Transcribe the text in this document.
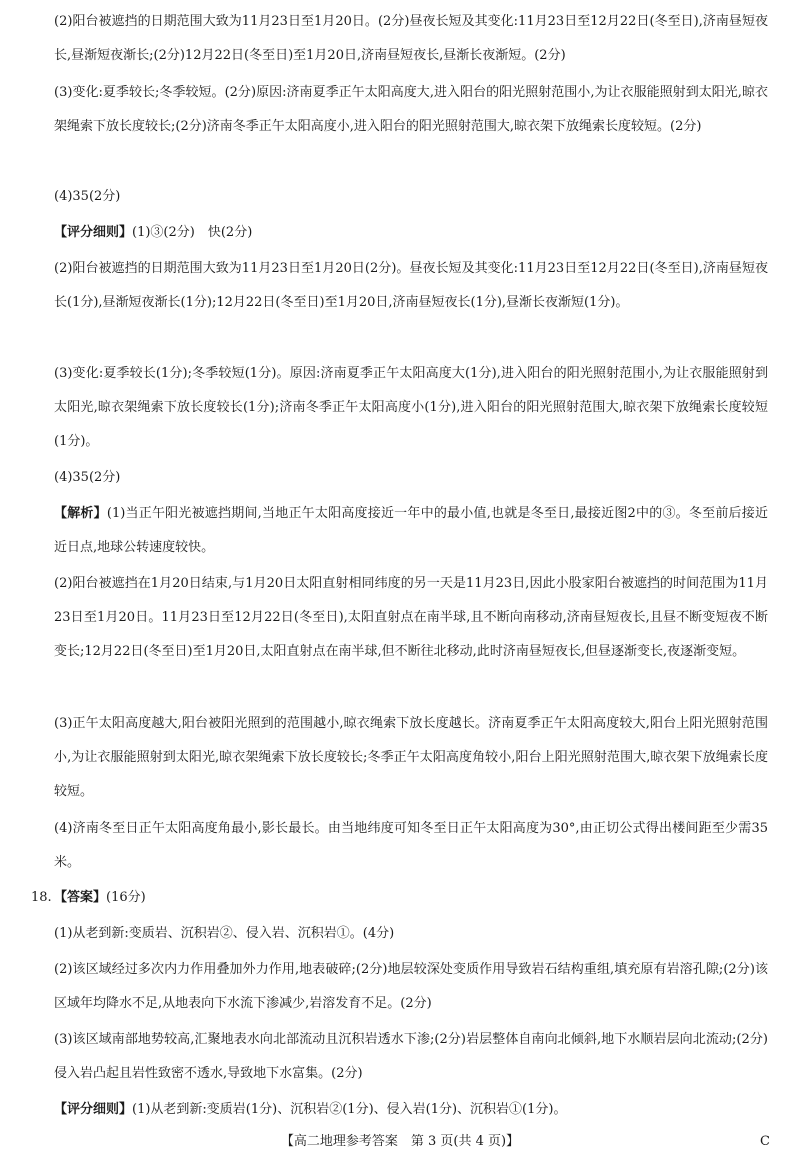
(2)阳台被遮挡的日期范围大致为11月23日至1月20日。(2分)昼夜长短及其变化:11月23日至12月22日(冬至日),济南昼短夜长,昼渐短夜渐长;(2分)12月22日(冬至日)至1月20日,济南昼短夜长,昼渐长夜渐短。(2分)

(3)变化:夏季较长;冬季较短。(2分)原因:济南夏季正午太阳高度大,进入阳台的阳光照射范围小,为让衣服能照射到太阳光,晾衣架绳索下放长度较长;(2分)济南冬季正午太阳高度小,进入阳台的阳光照射范围大,晾衣架下放绳索长度较短。(2分)

(4)35(2分)

【评分细则】(1)③(2分)　快(2分)

(2)阳台被遮挡的日期范围大致为11月23日至1月20日(2分)。昼夜长短及其变化:11月23日至12月22日(冬至日),济南昼短夜长(1分),昼渐短夜渐长(1分);12月22日(冬至日)至1月20日,济南昼短夜长(1分),昼渐长夜渐短(1分)。

(3)变化:夏季较长(1分);冬季较短(1分)。原因:济南夏季正午太阳高度大(1分),进入阳台的阳光照射范围小,为让衣服能照射到太阳光,晾衣架绳索下放长度较长(1分);济南冬季正午太阳高度小(1分),进入阳台的阳光照射范围大,晾衣架下放绳索长度较短(1分)。

(4)35(2分)

【解析】(1)当正午阳光被遮挡期间,当地正午太阳高度接近一年中的最小值,也就是冬至日,最接近图2中的③。冬至前后接近近日点,地球公转速度较快。

(2)阳台被遮挡在1月20日结束,与1月20日太阳直射相同纬度的另一天是11月23日,因此小股家阳台被遮挡的时间范围为11月23日至1月20日。11月23日至12月22日(冬至日),太阳直射点在南半球,且不断向南移动,济南昼短夜长,且昼不断变短夜不断变长;12月22日(冬至日)至1月20日,太阳直射点在南半球,但不断往北移动,此时济南昼短夜长,但昼逐渐变长,夜逐渐变短。

(3)正午太阳高度越大,阳台被阳光照到的范围越小,晾衣绳索下放长度越长。济南夏季正午太阳高度较大,阳台上阳光照射范围小,为让衣服能照射到太阳光,晾衣架绳索下放长度较长;冬季正午太阳高度角较小,阳台上阳光照射范围大,晾衣架下放绳索长度较短。

(4)济南冬至日正午太阳高度角最小,影长最长。由当地纬度可知冬至日正午太阳高度为30°,由正切公式得出楼间距至少需35米。

18. 【答案】(16分)

(1)从老到新:变质岩、沉积岩②、侵入岩、沉积岩①。(4分)

(2)该区域经过多次内力作用叠加外力作用,地表破碎;(2分)地层较深处变质作用导致岩石结构重组,填充原有岩溶孔隙;(2分)该区域年均降水不足,从地表向下水流下渗减少,岩溶发育不足。(2分)

(3)该区域南部地势较高,汇聚地表水向北部流动且沉积岩透水下渗;(2分)岩层整体自南向北倾斜,地下水顺岩层向北流动;(2分)侵入岩凸起且岩性致密不透水,导致地下水富集。(2分)

【评分细则】(1)从老到新:变质岩(1分)、沉积岩②(1分)、侵入岩(1分)、沉积岩①(1分)。

【高二地理参考答案　第 3 页(共 4 页)】	C
